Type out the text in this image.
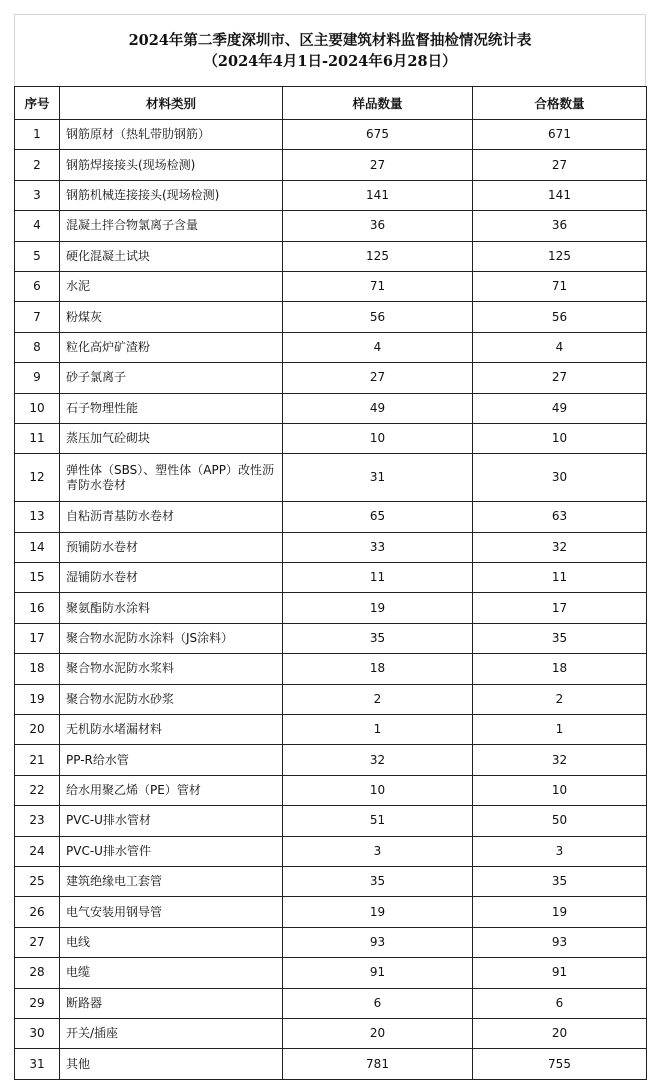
2024年第二季度深圳市、区主要建筑材料监督抽检情况统计表
（2024年4月1日-2024年6月28日）
序号	材料类别	样品数量	合格数量
1	钢筋原材（热轧带肋钢筋）	675	671
2	钢筋焊接接头(现场检测)	27	27
3	钢筋机械连接接头(现场检测)	141	141
4	混凝土拌合物氯离子含量	36	36
5	硬化混凝土试块	125	125
6	水泥	71	71
7	粉煤灰	56	56
8	粒化高炉矿渣粉	4	4
9	砂子氯离子	27	27
10	石子物理性能	49	49
11	蒸压加气砼砌块	10	10
12	弹性体（SBS）、塑性体（APP）改性沥青防水卷材	31	30
13	自粘沥青基防水卷材	65	63
14	预铺防水卷材	33	32
15	湿铺防水卷材	11	11
16	聚氨酯防水涂料	19	17
17	聚合物水泥防水涂料（JS涂料）	35	35
18	聚合物水泥防水浆料	18	18
19	聚合物水泥防水砂浆	2	2
20	无机防水堵漏材料	1	1
21	PP-R给水管	32	32
22	给水用聚乙烯（PE）管材	10	10
23	PVC-U排水管材	51	50
24	PVC-U排水管件	3	3
25	建筑绝缘电工套管	35	35
26	电气安装用钢导管	19	19
27	电线	93	93
28	电缆	91	91
29	断路器	6	6
30	开关/插座	20	20
31	其他	781	755
